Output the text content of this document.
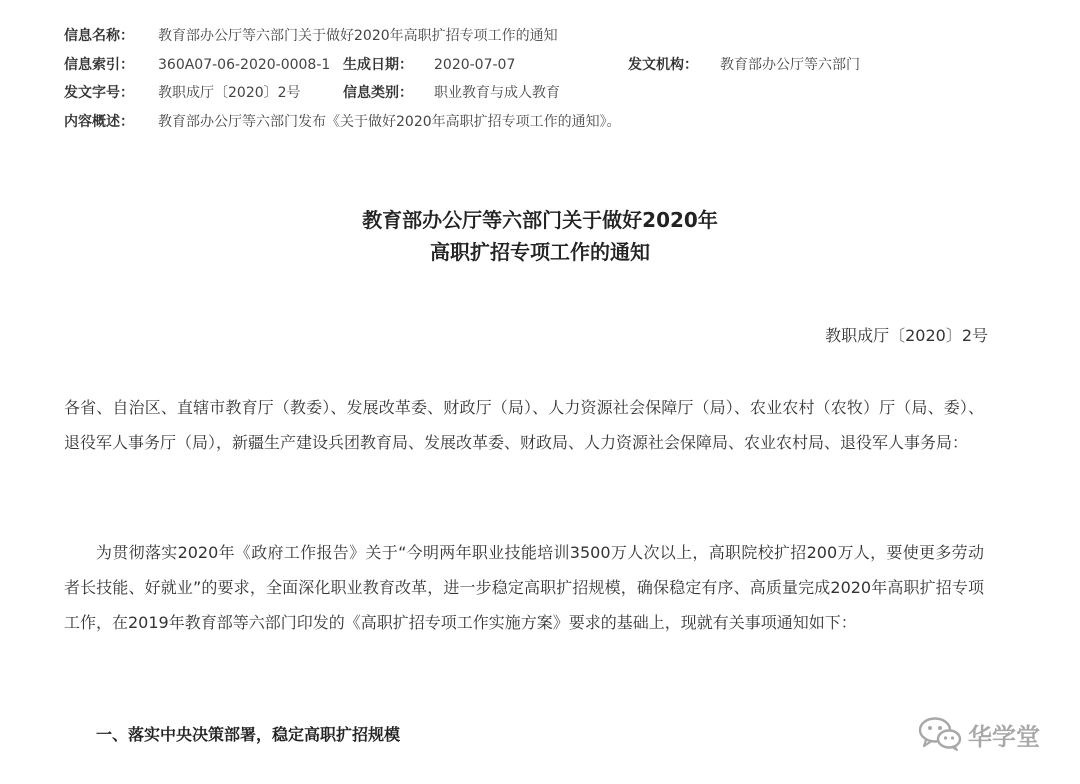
信息名称： 教育部办公厅等六部门关于做好2020年高职扩招专项工作的通知
信息索引： 360A07-06-2020-0008-1 生成日期： 2020-07-07	发文机构： 教育部办公厅等六部门
发文字号： 教职成厅〔2020〕2号	信息类别： 职业教育与成人教育
内容概述： 教育部办公厅等六部门发布《关于做好2020年高职扩招专项工作的通知》。
教育部办公厅等六部门关于做好2020年
高职扩招专项工作的通知
教职成厅〔2020〕2号

各省、自治区、直辖市教育厅（教委）、发展改革委、财政厅（局）、人力资源社会保障厅（局）、农业农村（农牧）厅（局、委）、退役军人事务厅（局），新疆生产建设兵团教育局、发展改革委、财政局、人力资源社会保障局、农业农村局、退役军人事务局：

为贯彻落实2020年《政府工作报告》关于“今明两年职业技能培训3500万人次以上，高职院校扩招200万人，要使更多劳动者长技能、好就业”的要求，全面深化职业教育改革，进一步稳定高职扩招规模，确保稳定有序、高质量完成2020年高职扩招专项工作，在2019年教育部等六部门印发的《高职扩招专项工作实施方案》要求的基础上，现就有关事项通知如下：

一、落实中央决策部署，稳定高职扩招规模	华学堂
